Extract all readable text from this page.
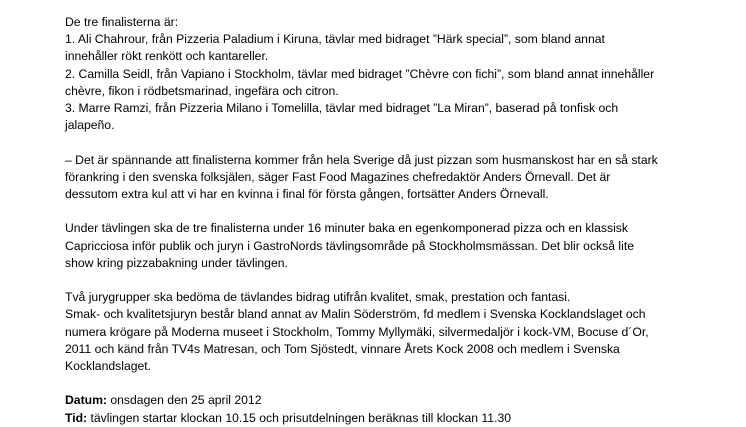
De tre finalisterna är:

1. Ali Chahrour, från Pizzeria Paladium i Kiruna, tävlar med bidraget ”Härk special”, som bland annat

innehåller rökt renkött och kantareller.

2. Camilla Seidl, från Vapiano i Stockholm, tävlar med bidraget ”Chèvre con fichi”, som bland annat innehåller

chèvre, fikon i rödbetsmarinad, ingefära och citron.

3. Marre Ramzi, från Pizzeria Milano i Tomelilla, tävlar med bidraget ”La Miran”, baserad på tonfisk och

jalapeño.

– Det är spännande att finalisterna kommer från hela Sverige då just pizzan som husmanskost har en så stark

förankring i den svenska folksjälen, säger Fast Food Magazines chefredaktör Anders Örnevall. Det är

dessutom extra kul att vi har en kvinna i final för första gången, fortsätter Anders Örnevall.

Under tävlingen ska de tre finalisterna under 16 minuter baka en egenkomponerad pizza och en klassisk

Capricciosa inför publik och juryn i GastroNords tävlingsområde på Stockholmsmässan. Det blir också lite

show kring pizzabakning under tävlingen.

Två jurygrupper ska bedöma de tävlandes bidrag utifrån kvalitet, smak, prestation och fantasi.

Smak- och kvalitetsjuryn består bland annat av Malin Söderström, fd medlem i Svenska Kocklandslaget och

numera krögare på Moderna museet i Stockholm, Tommy Myllymäki, silvermedaljör i kock-VM, Bocuse d´Or,

2011 och känd från TV4s Matresan, och Tom Sjöstedt, vinnare Årets Kock 2008 och medlem i Svenska

Kocklandslaget.

Datum: onsdagen den 25 april 2012

Tid: tävlingen startar klockan 10.15 och prisutdelningen beräknas till klockan 11.30
